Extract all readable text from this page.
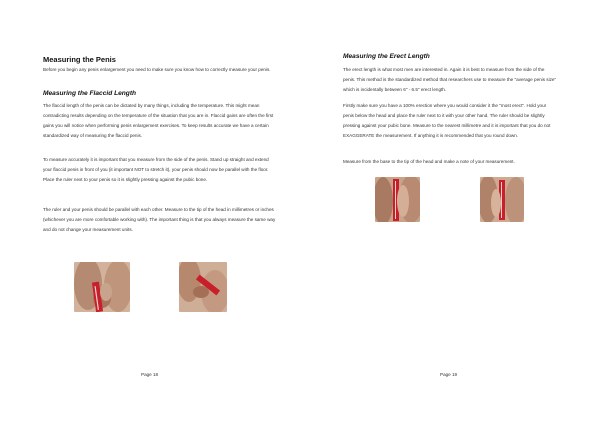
Measuring the Penis

Before you begin any penis enlargement you need to make sure you know how to correctly measure your penis.

Measuring the Flaccid Length

The flaccid length of the penis can be dictated by many things, including the temperature. This might mean contradicting results depending on the temperature of the situation that you are in. Flaccid gains are often the first gains you will notice when performing penis enlargement exercises. To keep results accurate we have a certain standardized way of measuring the flaccid penis.

To measure accurately it is important that you measure from the side of the penis. Stand up straight and extend your flaccid penis in front of you (it important NOT to stretch it), your penis should now be parallel with the floor. Place the ruler next to your penis so it is slightly pressing against the pubic bone.

The ruler and your penis should be parallel with each other. Measure to the tip of the head in millimetres or inches (whichever you are more comfortable working with). The important thing is that you always measure the same way and do not change your measurement units.

Page 18
Measuring the Erect Length

The erect length is what most men are interested in. Again it is best to measure from the side of the penis. This method is the standardized method that researchers use to measure the "average penis size" which is incidentally between 6" - 6.5" erect length.

Firstly make sure you have a 100% erection where you would consider it the "most erect". Hold your penis below the head and place the ruler next to it with your other hand. The ruler should be slightly pressing against your pubic bone. Measure to the nearest millimetre and it is important that you do not EXAGGERATE the measurement. If anything it is recommended that you round down.

Measure from the base to the tip of the head and make a note of your measurement.

Page 19
